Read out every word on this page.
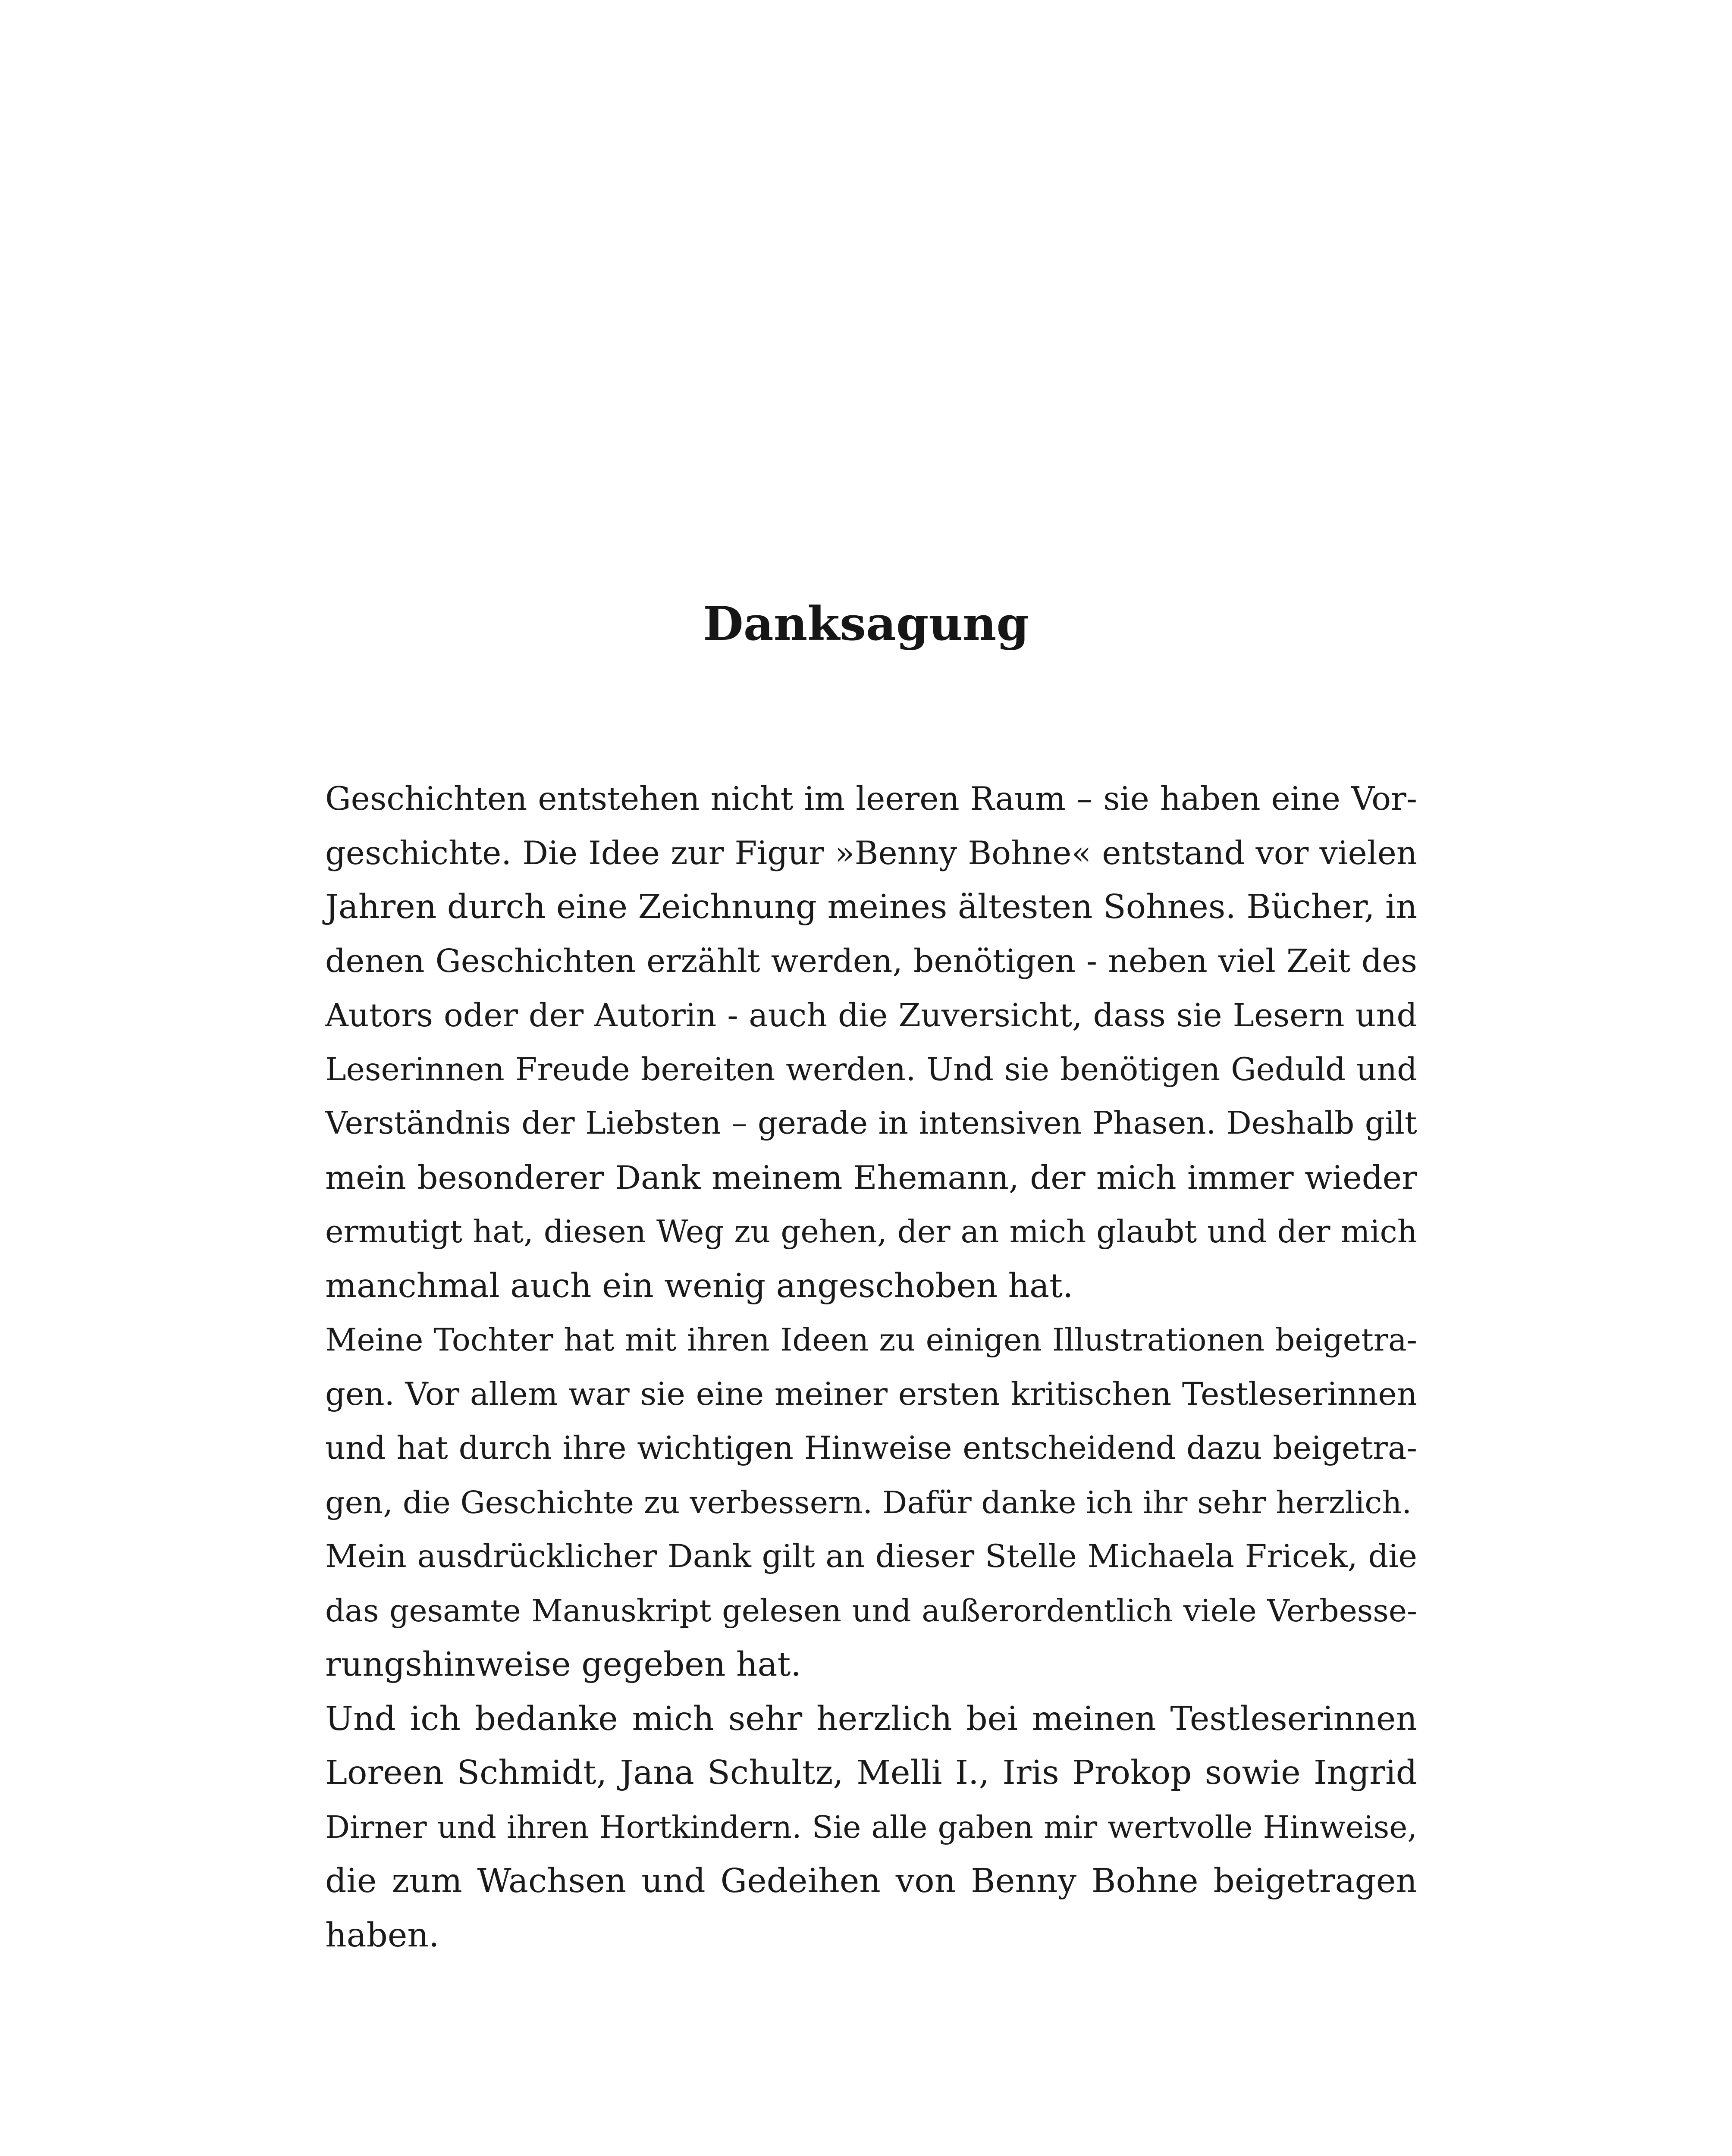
Danksagung
Geschichten entstehen nicht im leeren Raum – sie haben eine Vor-
geschichte. Die Idee zur Figur »Benny Bohne« entstand vor vielen
Jahren durch eine Zeichnung meines ältesten Sohnes. Bücher, in
denen Geschichten erzählt werden, benötigen - neben viel Zeit des
Autors oder der Autorin - auch die Zuversicht, dass sie Lesern und
Leserinnen Freude bereiten werden. Und sie benötigen Geduld und
Verständnis der Liebsten – gerade in intensiven Phasen. Deshalb gilt
mein besonderer Dank meinem Ehemann, der mich immer wieder
ermutigt hat, diesen Weg zu gehen, der an mich glaubt und der mich
manchmal auch ein wenig angeschoben hat.
Meine Tochter hat mit ihren Ideen zu einigen Illustrationen beigetra-
gen. Vor allem war sie eine meiner ersten kritischen Testleserinnen
und hat durch ihre wichtigen Hinweise entscheidend dazu beigetra-
gen, die Geschichte zu verbessern. Dafür danke ich ihr sehr herzlich.
Mein ausdrücklicher Dank gilt an dieser Stelle Michaela Fricek, die
das gesamte Manuskript gelesen und außerordentlich viele Verbesse-
rungshinweise gegeben hat.
Und ich bedanke mich sehr herzlich bei meinen Testleserinnen
Loreen Schmidt, Jana Schultz, Melli I., Iris Prokop sowie Ingrid
Dirner und ihren Hortkindern. Sie alle gaben mir wertvolle Hinweise,
die zum Wachsen und Gedeihen von Benny Bohne beigetragen
haben.
